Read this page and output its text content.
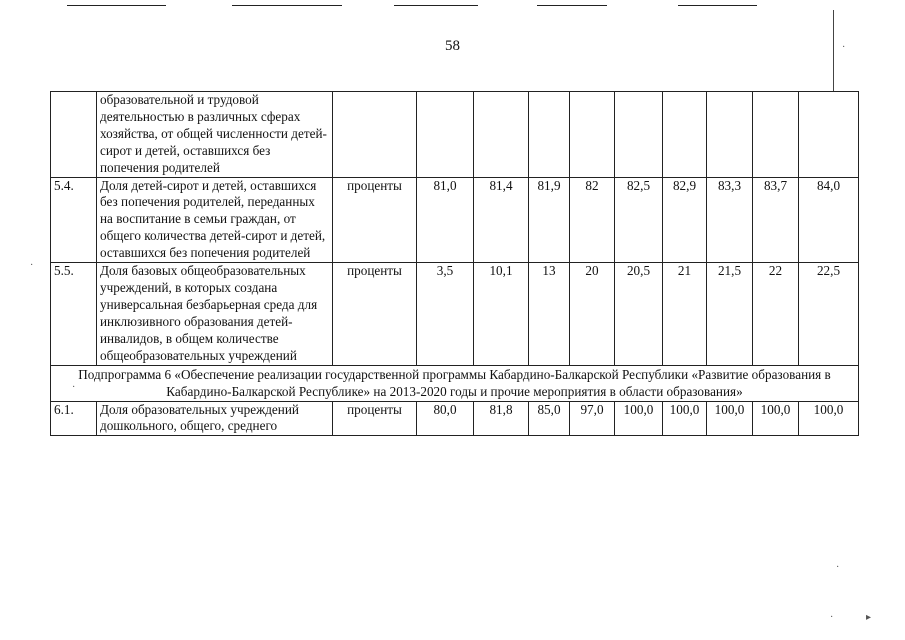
58
	образовательной и трудовой деятельностью в различных сферах хозяйства, от общей численности детей-сирот и детей, оставшихся без попечения родителей										
5.4.	Доля детей-сирот и детей, оставшихся без попечения родителей, переданных на воспитание в семьи граждан, от общего количества детей-сирот и детей, оставшихся без попечения родителей	проценты	81,0	81,4	81,9	82	82,5	82,9	83,3	83,7	84,0
5.5.	Доля базовых общеобразовательных учреждений, в которых создана универсальная безбарьерная среда для инклюзивного образования детей-инвалидов, в общем количестве общеобразовательных учреждений	проценты	3,5	10,1	13	20	20,5	21	21,5	22	22,5
Подпрограмма 6 «Обеспечение реализации государственной программы Кабардино-Балкарской Республики «Развитие образования в Кабардино-Балкарской Республике» на 2013-2020 годы и прочие мероприятия в области образования»											
6.1.	Доля образовательных учреждений дошкольного, общего, среднего	проценты	80,0	81,8	85,0	97,0	100,0	100,0	100,0	100,0	100,0
·
·
·
·
·	▸
